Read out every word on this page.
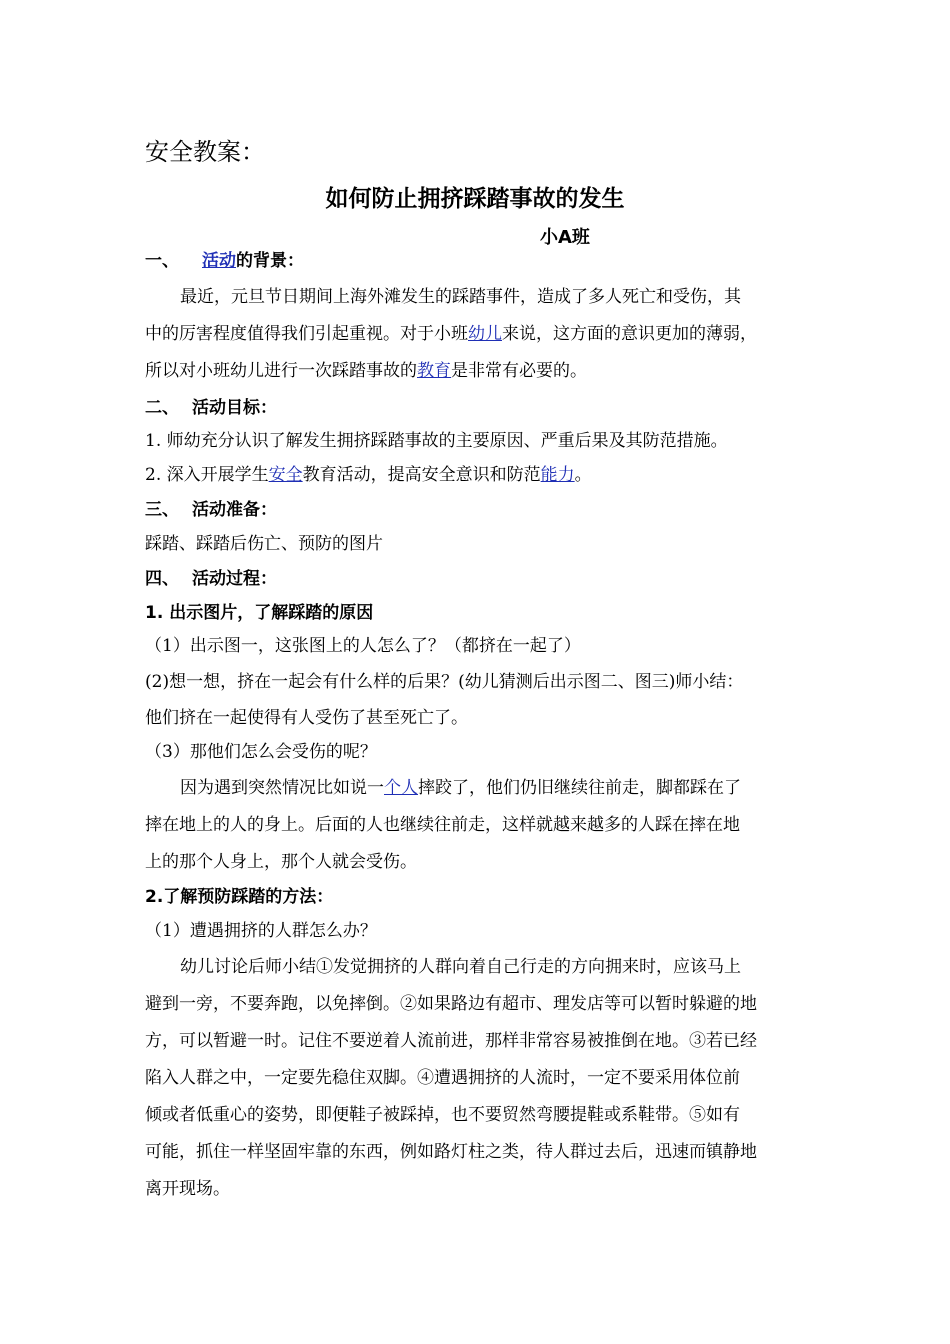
安全教案：
如何防止拥挤踩踏事故的发生
小A班
一、 活动的背景：
最近，元旦节日期间上海外滩发生的踩踏事件，造成了多人死亡和受伤，其
中的厉害程度值得我们引起重视。对于小班幼儿来说，这方面的意识更加的薄弱，
所以对小班幼儿进行一次踩踏事故的教育是非常有必要的。
二、 活动目标：
1. 师幼充分认识了解发生拥挤踩踏事故的主要原因、严重后果及其防范措施。
2. 深入开展学生安全教育活动，提高安全意识和防范能力。
三、 活动准备：
踩踏、踩踏后伤亡、预防的图片
四、 活动过程：
1. 出示图片，了解踩踏的原因
（1）出示图一，这张图上的人怎么了？（都挤在一起了）
(2)想一想，挤在一起会有什么样的后果？(幼儿猜测后出示图二、图三)师小结：
他们挤在一起使得有人受伤了甚至死亡了。
（3）那他们怎么会受伤的呢？
因为遇到突然情况比如说一个人摔跤了，他们仍旧继续往前走，脚都踩在了
摔在地上的人的身上。后面的人也继续往前走，这样就越来越多的人踩在摔在地
上的那个人身上，那个人就会受伤。
2.了解预防踩踏的方法：
（1）遭遇拥挤的人群怎么办？
幼儿讨论后师小结①发觉拥挤的人群向着自己行走的方向拥来时，应该马上
避到一旁，不要奔跑，以免摔倒。②如果路边有超市、理发店等可以暂时躲避的地
方，可以暂避一时。记住不要逆着人流前进，那样非常容易被推倒在地。③若已经
陷入人群之中，一定要先稳住双脚。④遭遇拥挤的人流时，一定不要采用体位前
倾或者低重心的姿势，即便鞋子被踩掉，也不要贸然弯腰提鞋或系鞋带。⑤如有
可能，抓住一样坚固牢靠的东西，例如路灯柱之类，待人群过去后，迅速而镇静地
离开现场。
